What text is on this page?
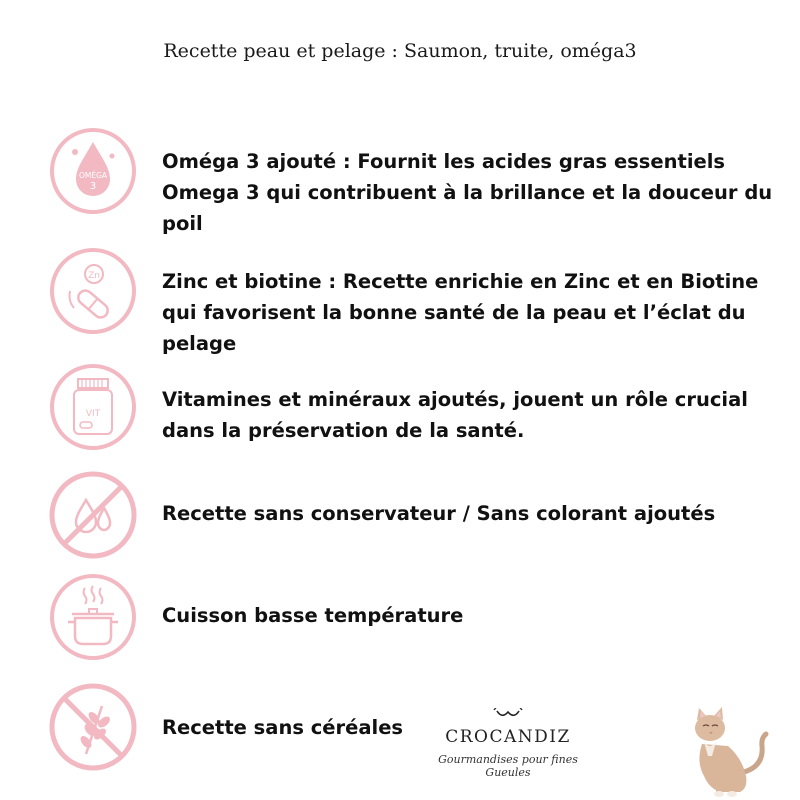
Recette peau et pelage : Saumon, truite, oméga3
OMÉGA
3
Oméga 3 ajouté : Fournit les acides gras essentiels Omega 3 qui contribuent à la brillance et la douceur du poil
Zn	Zinc et biotine : Recette enrichie en Zinc et en Biotine qui favorisent la bonne santé de la peau et l’éclat du pelage
VIT
Vitamines et minéraux ajoutés, jouent un rôle crucial dans la préservation de la santé.
Recette sans conservateur / Sans colorant ajoutés
Cuisson basse température
Recette sans céréales	CROCANDIZ
Gourmandises pour fines Gueules
